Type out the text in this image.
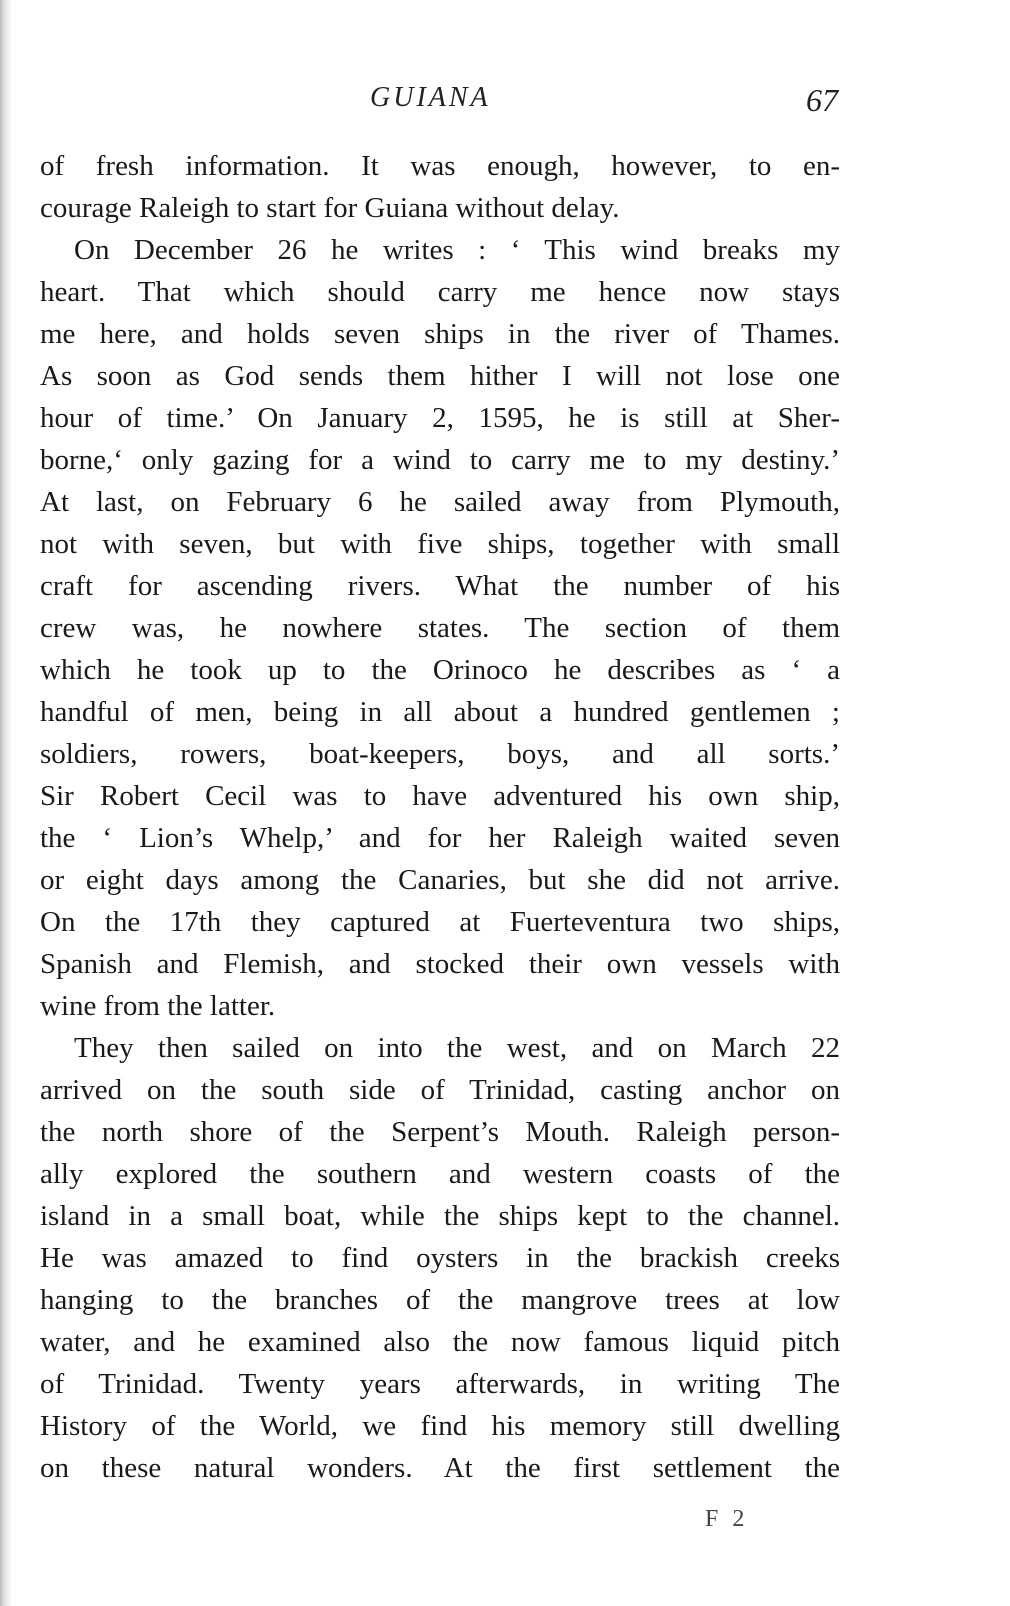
GUIANA	67
of fresh information. It was enough, however, to en-
courage Raleigh to start for Guiana without delay.
On December 26 he writes : ‘ This wind breaks my
heart. That which should carry me hence now stays
me here, and holds seven ships in the river of Thames.
As soon as God sends them hither I will not lose one
hour of time.’ On January 2, 1595, he is still at Sher-
borne,‘ only gazing for a wind to carry me to my destiny.’
At last, on February 6 he sailed away from Plymouth,
not with seven, but with five ships, together with small
craft for ascending rivers. What the number of his
crew was, he nowhere states. The section of them
which he took up to the Orinoco he describes as ‘ a
handful of men, being in all about a hundred gentlemen ;
soldiers, rowers, boat-keepers, boys, and all sorts.’
Sir Robert Cecil was to have adventured his own ship,
the ‘ Lion’s Whelp,’ and for her Raleigh waited seven
or eight days among the Canaries, but she did not arrive.
On the 17th they captured at Fuerteventura two ships,
Spanish and Flemish, and stocked their own vessels with
wine from the latter.
They then sailed on into the west, and on March 22
arrived on the south side of Trinidad, casting anchor on
the north shore of the Serpent’s Mouth. Raleigh person-
ally explored the southern and western coasts of the
island in a small boat, while the ships kept to the channel.
He was amazed to find oysters in the brackish creeks
hanging to the branches of the mangrove trees at low
water, and he examined also the now famous liquid pitch
of Trinidad. Twenty years afterwards, in writing The
History of the World, we find his memory still dwelling
on these natural wonders. At the first settlement the
F 2
